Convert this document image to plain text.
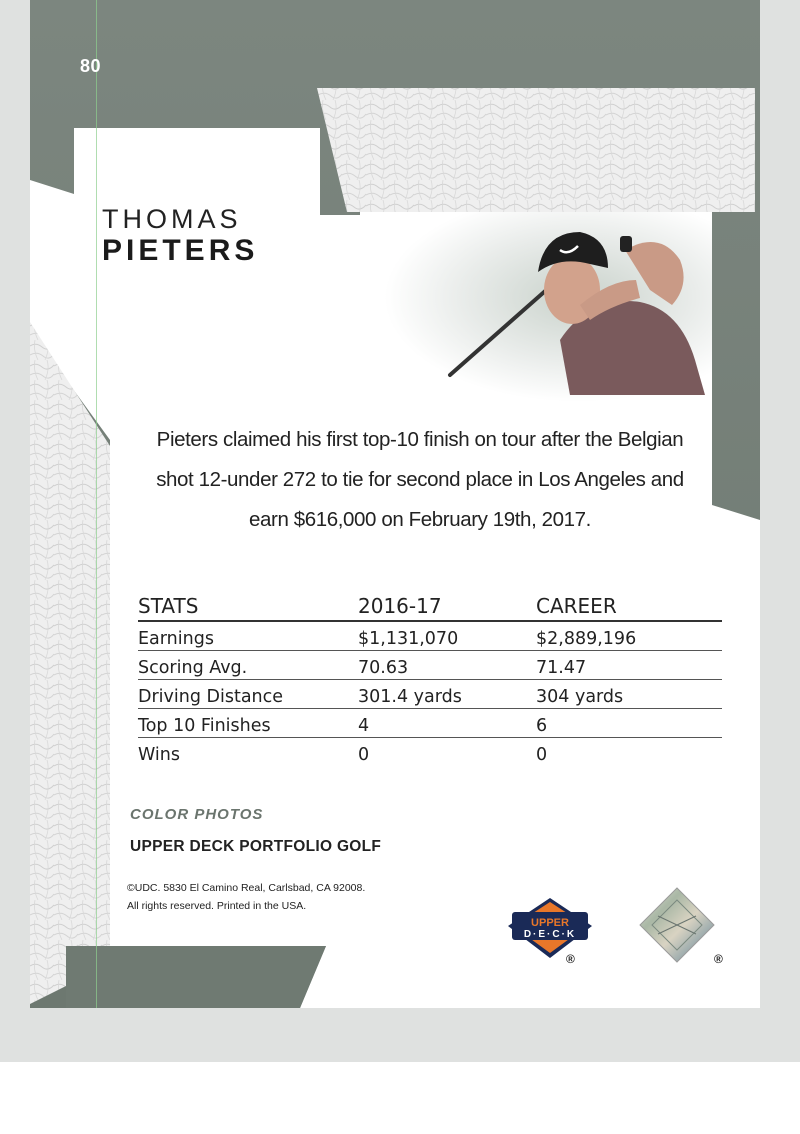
80
THOMAS
PIETERS
Pieters claimed his first top-10 finish on tour after the Belgian shot 12-under 272 to tie for second place in Los Angeles and earn $616,000 on February 19th, 2017.
STATS	2016-17	CAREER
Earnings	$1,131,070	$2,889,196
Scoring Avg.	70.63	71.47
Driving Distance	301.4 yards	304 yards
Top 10 Finishes	4	6
Wins	0	0
COLOR PHOTOS
UPPER DECK PORTFOLIO GOLF
©UDC. 5830 El Camino Real, Carlsbad, CA 92008.
All rights reserved. Printed in the USA.
UPPER
D·E·C·K
®	®
